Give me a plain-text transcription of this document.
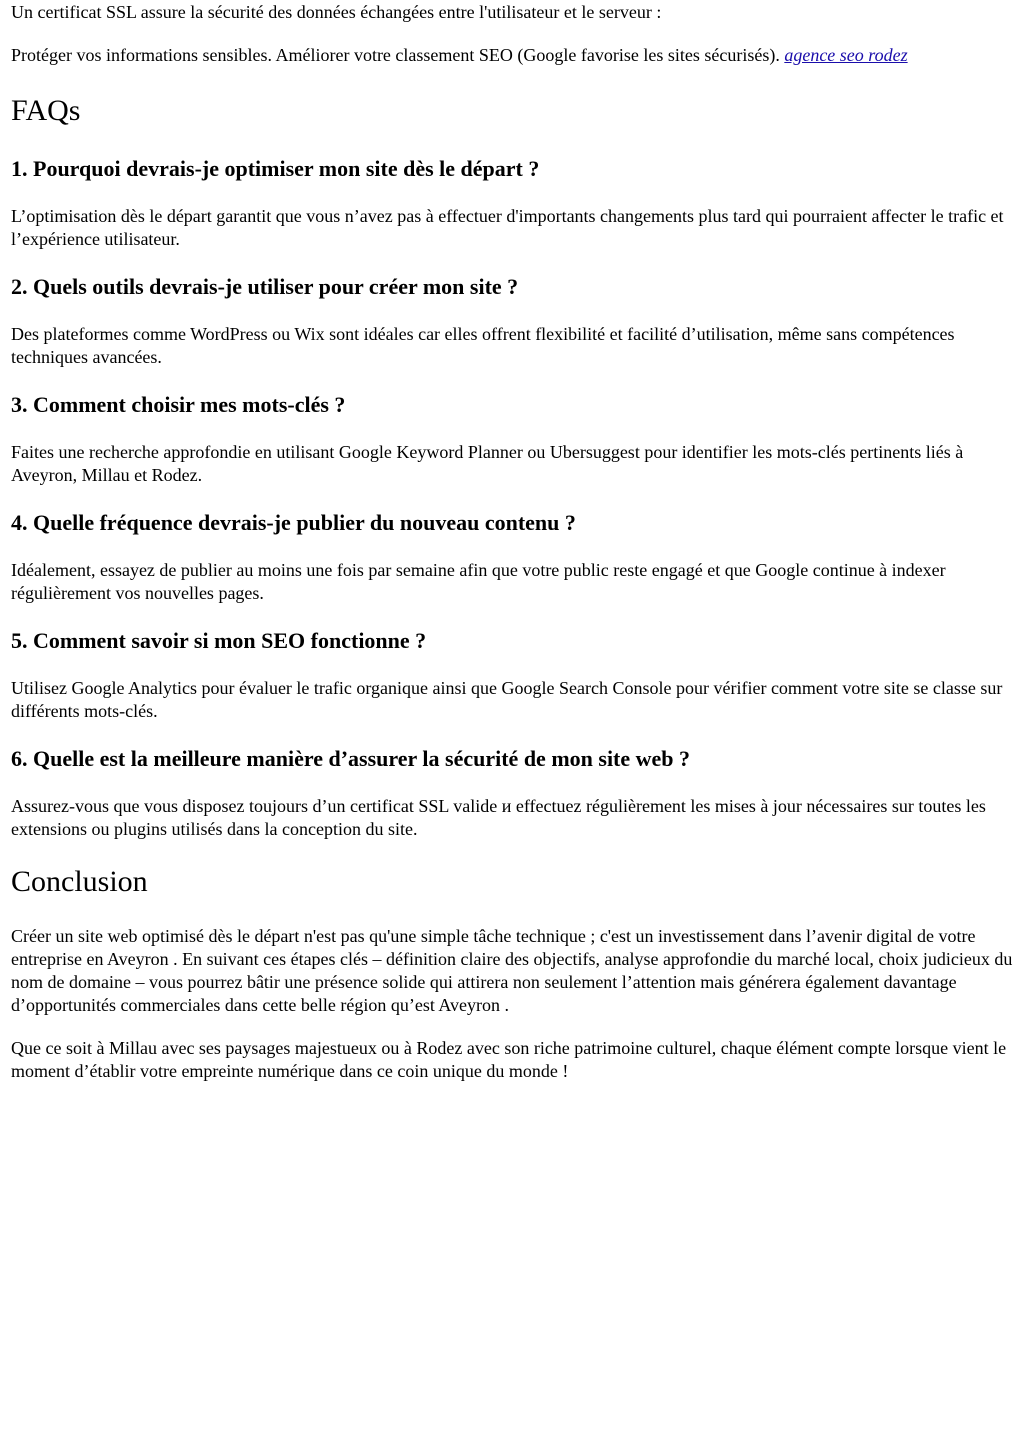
Un certificat SSL assure la sécurité des données échangées entre l'utilisateur et le serveur :

Protéger vos informations sensibles. Améliorer votre classement SEO (Google favorise les sites sécurisés). agence seo rodez

FAQs
1. Pourquoi devrais-je optimiser mon site dès le départ ?

L’optimisation dès le départ garantit que vous n’avez pas à effectuer d'importants changements plus tard qui pourraient affecter le trafic et l’expérience utilisateur.

2. Quels outils devrais-je utiliser pour créer mon site ?

Des plateformes comme WordPress ou Wix sont idéales car elles offrent flexibilité et facilité d’utilisation, même sans compétences techniques avancées.

3. Comment choisir mes mots-clés ?

Faites une recherche approfondie en utilisant Google Keyword Planner ou Ubersuggest pour identifier les mots-clés pertinents liés à Aveyron, Millau et Rodez.

4. Quelle fréquence devrais-je publier du nouveau contenu ?

Idéalement, essayez de publier au moins une fois par semaine afin que votre public reste engagé et que Google continue à indexer régulièrement vos nouvelles pages.

5. Comment savoir si mon SEO fonctionne ?

Utilisez Google Analytics pour évaluer le trafic organique ainsi que Google Search Console pour vérifier comment votre site se classe sur différents mots-clés.

6. Quelle est la meilleure manière d’assurer la sécurité de mon site web ?

Assurez-vous que vous disposez toujours d’un certificat SSL valide и effectuez régulièrement les mises à jour nécessaires sur toutes les extensions ou plugins utilisés dans la conception du site.

Conclusion

Créer un site web optimisé dès le départ n'est pas qu'une simple tâche technique ; c'est un investissement dans l’avenir digital de votre entreprise en Aveyron . En suivant ces étapes clés – définition claire des objectifs, analyse approfondie du marché local, choix judicieux du nom de domaine – vous pourrez bâtir une présence solide qui attirera non seulement l’attention mais générera également davantage d’opportunités commerciales dans cette belle région qu’est Aveyron .

Que ce soit à Millau avec ses paysages majestueux ou à Rodez avec son riche patrimoine culturel, chaque élément compte lorsque vient le moment d’établir votre empreinte numérique dans ce coin unique du monde !
